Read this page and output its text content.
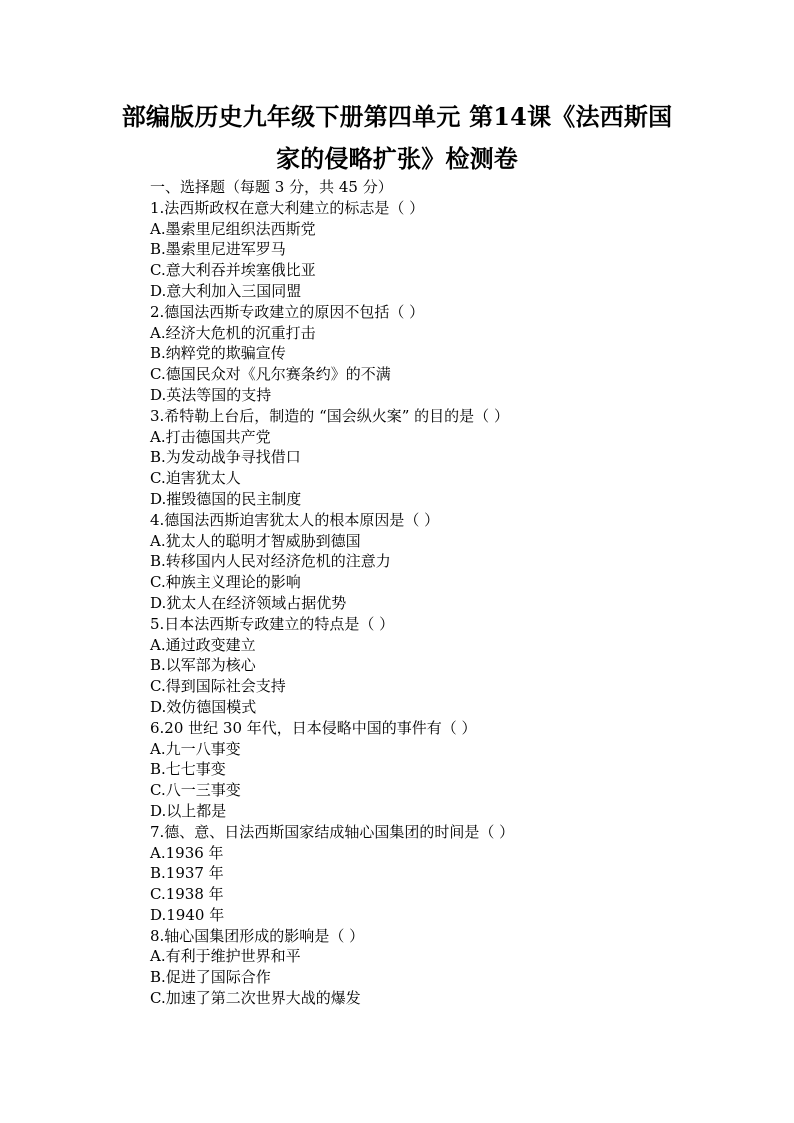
部编版历史九年级下册第四单元 第14课《法西斯国
家的侵略扩张》检测卷
一、选择题（每题 3 分，共 45 分）
1.法西斯政权在意大利建立的标志是（ ）
A.墨索里尼组织法西斯党
B.墨索里尼进军罗马
C.意大利吞并埃塞俄比亚
D.意大利加入三国同盟
2.德国法西斯专政建立的原因不包括（ ）
A.经济大危机的沉重打击
B.纳粹党的欺骗宣传
C.德国民众对《凡尔赛条约》的不满
D.英法等国的支持
3.希特勒上台后，制造的 “国会纵火案” 的目的是（ ）
A.打击德国共产党
B.为发动战争寻找借口
C.迫害犹太人
D.摧毁德国的民主制度
4.德国法西斯迫害犹太人的根本原因是（ ）
A.犹太人的聪明才智威胁到德国
B.转移国内人民对经济危机的注意力
C.种族主义理论的影响
D.犹太人在经济领域占据优势
5.日本法西斯专政建立的特点是（ ）
A.通过政变建立
B.以军部为核心
C.得到国际社会支持
D.效仿德国模式
6.20 世纪 30 年代，日本侵略中国的事件有（ ）
A.九一八事变
B.七七事变
C.八一三事变
D.以上都是
7.德、意、日法西斯国家结成轴心国集团的时间是（ ）
A.1936 年
B.1937 年
C.1938 年
D.1940 年
8.轴心国集团形成的影响是（ ）
A.有利于维护世界和平
B.促进了国际合作
C.加速了第二次世界大战的爆发
